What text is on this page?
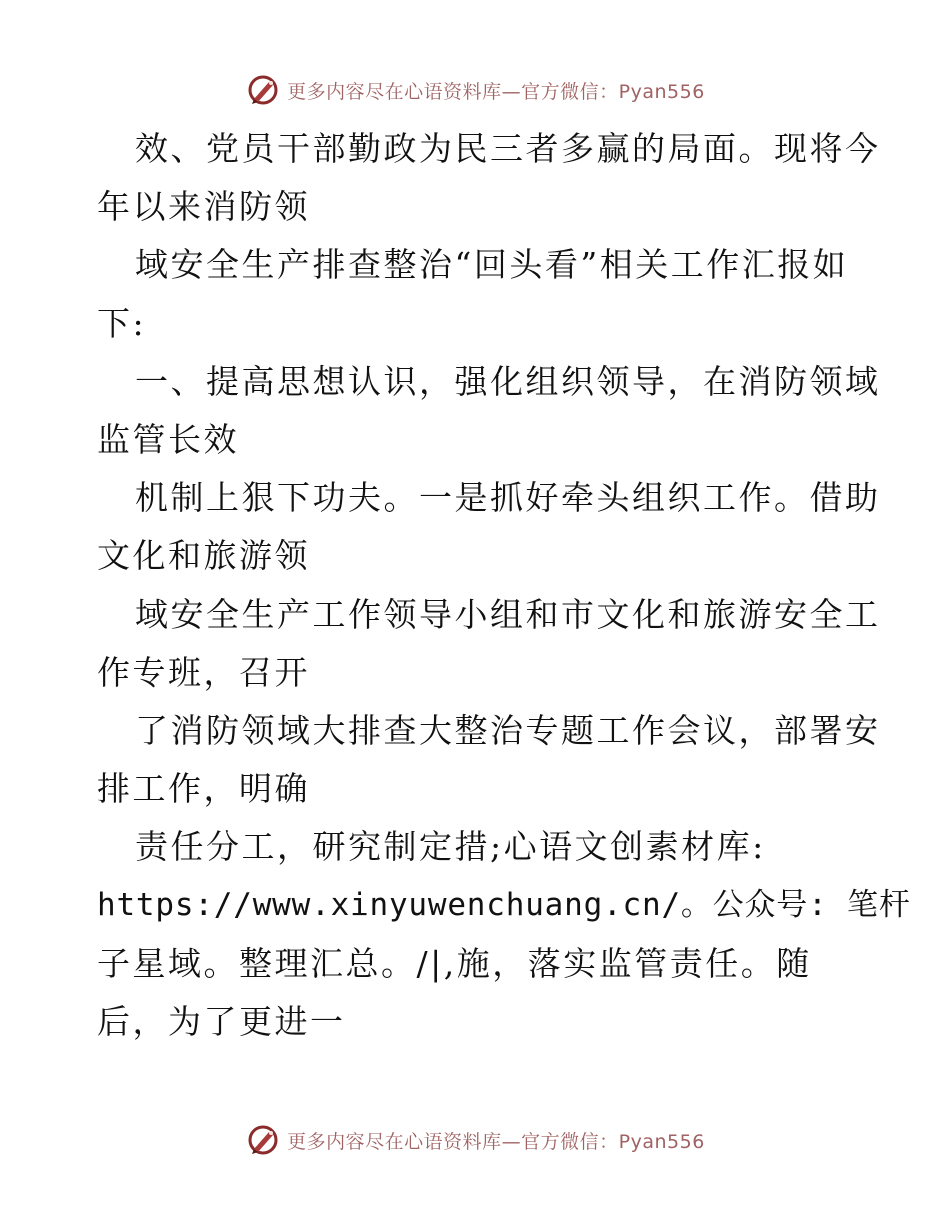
更多内容尽在心语资料库—官方微信：Pyan556
效、党员干部勤政为民三者多赢的局面。现将今
年以来消防领
域安全生产排查整治“回头看”相关工作汇报如
下:
一、提高思想认识，强化组织领导，在消防领域
监管长效
机制上狠下功夫。一是抓好牵头组织工作。借助
文化和旅游领
域安全生产工作领导小组和市文化和旅游安全工
作专班，召开
了消防领域大排查大整治专题工作会议，部署安
排工作，明确
责任分工，研究制定措;心语文创素材库:
https://www.xinyuwenchuang.cn/。公众号: 笔杆
子星域。整理汇总。/|,施，落实监管责任。随
后，为了更进一
更多内容尽在心语资料库—官方微信：Pyan556
